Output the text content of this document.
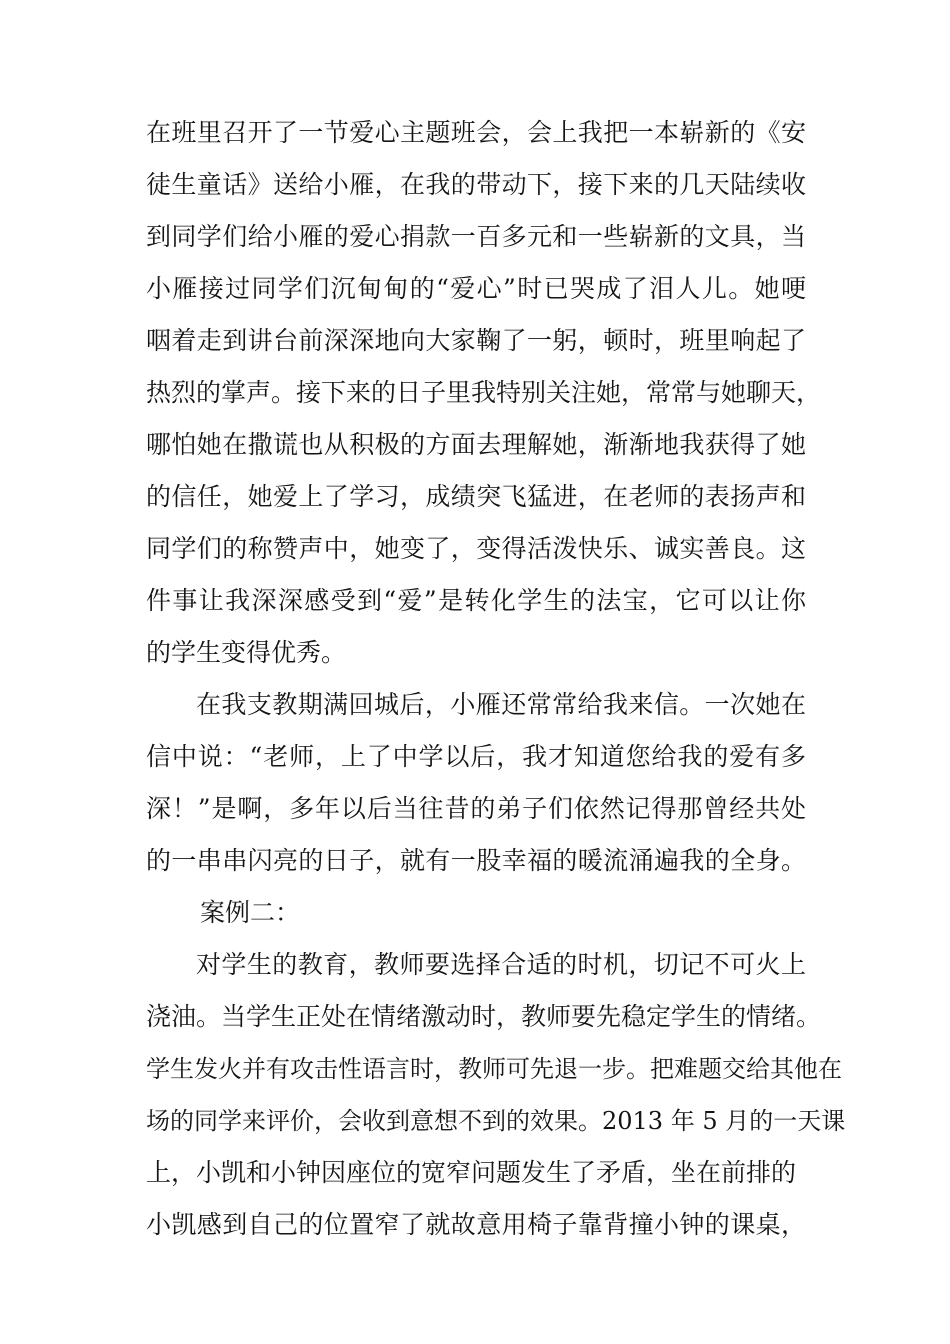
在班里召开了一节爱心主题班会，会上我把一本崭新的《安
徒生童话》送给小雁，在我的带动下，接下来的几天陆续收
到同学们给小雁的爱心捐款一百多元和一些崭新的文具，当
小雁接过同学们沉甸甸的“爱心”时已哭成了泪人儿。她哽
咽着走到讲台前深深地向大家鞠了一躬，顿时，班里响起了
热烈的掌声。接下来的日子里我特别关注她，常常与她聊天，
哪怕她在撒谎也从积极的方面去理解她，渐渐地我获得了她
的信任，她爱上了学习，成绩突飞猛进，在老师的表扬声和
同学们的称赞声中，她变了，变得活泼快乐、诚实善良。这
件事让我深深感受到“爱”是转化学生的法宝，它可以让你
的学生变得优秀。
在我支教期满回城后，小雁还常常给我来信。一次她在
信中说：“老师，上了中学以后，我才知道您给我的爱有多
深！”是啊，多年以后当往昔的弟子们依然记得那曾经共处
的一串串闪亮的日子，就有一股幸福的暖流涌遍我的全身。
案例二：
对学生的教育，教师要选择合适的时机，切记不可火上
浇油。当学生正处在情绪激动时，教师要先稳定学生的情绪。
学生发火并有攻击性语言时，教师可先退一步。把难题交给其他在
场的同学来评价，会收到意想不到的效果。2013 年 5 月的一天课
上，小凯和小钟因座位的宽窄问题发生了矛盾，坐在前排的
小凯感到自己的位置窄了就故意用椅子靠背撞小钟的课桌，
